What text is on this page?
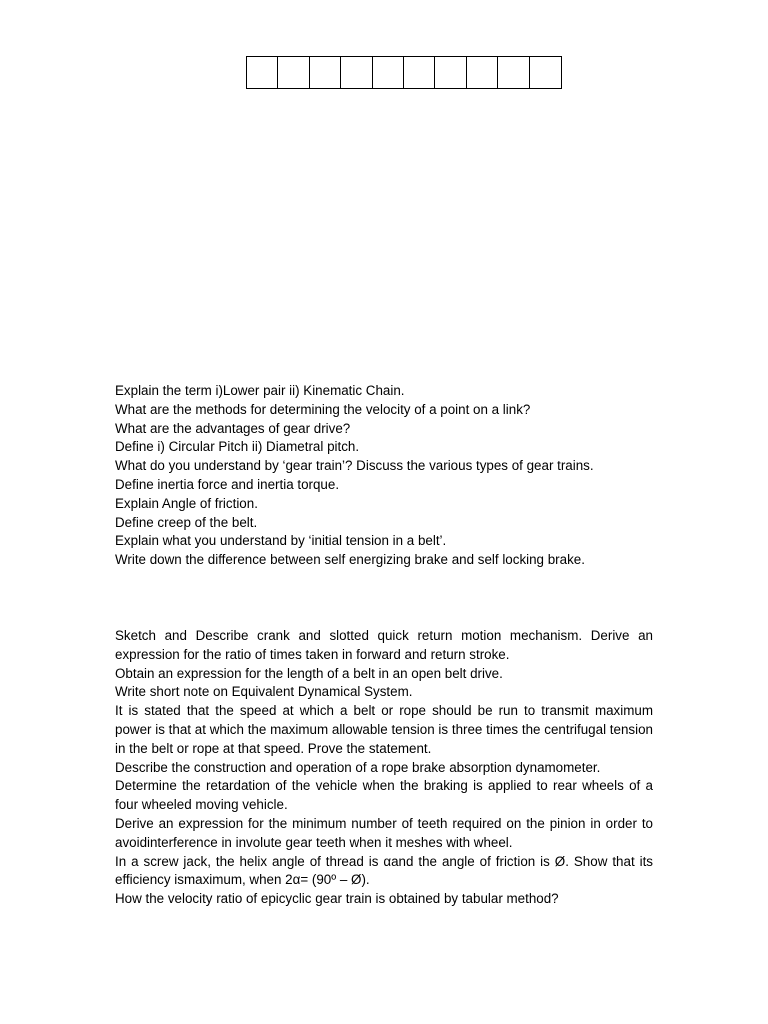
Explain the term i)Lower pair ii) Kinematic Chain.

What are the methods for determining the velocity of a point on a link?

What are the advantages of gear drive?

Define i) Circular Pitch ii) Diametral pitch.

What do you understand by ‘gear train’? Discuss the various types of gear trains.

Define inertia force and inertia torque.

Explain Angle of friction.

Define creep of the belt.

Explain what you understand by ‘initial tension in a belt’.

Write down the difference between self energizing brake and self locking brake.

Sketch and Describe crank and slotted quick return motion mechanism. Derive an expression for the ratio of times taken in forward and return stroke.

Obtain an expression for the length of a belt in an open belt drive.

Write short note on Equivalent Dynamical System.

It is stated that the speed at which a belt or rope should be run to transmit maximum power is that at which the maximum allowable tension is three times the centrifugal tension in the belt or rope at that speed. Prove the statement.

Describe the construction and operation of a rope brake absorption dynamometer.

Determine the retardation of the vehicle when the braking is applied to rear wheels of a four wheeled moving vehicle.

Derive an expression for the minimum number of teeth required on the pinion in order to avoidinterference in involute gear teeth when it meshes with wheel.

In a screw jack, the helix angle of thread is αand the angle of friction is Ø. Show that its efficiency ismaximum, when 2α= (90º – Ø).

How the velocity ratio of epicyclic gear train is obtained by tabular method?
